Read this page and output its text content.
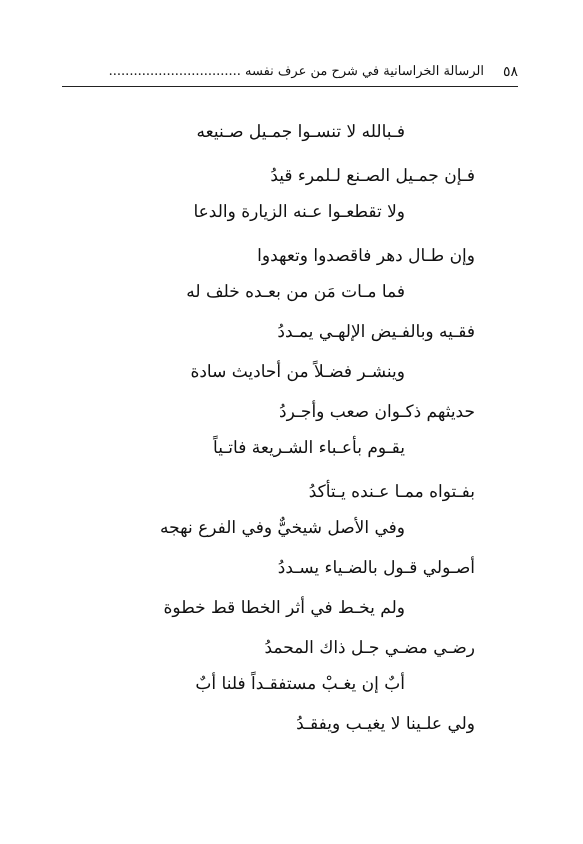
٥٨
الرسالة الخراسانية في شرح من عرف نفسه ................................
فـبالله لا تنسـوا جمـيل صـنيعه
فـإن جمـيل الصـنع لـلمرء قيدُ
ولا تقطعـوا عـنه الزيارة والدعا
وإن طـال دهر فاقصدوا وتعهدوا
فما مـات مَن من بعـده خلف له
فقـيه وبالفـيض الإلهـي يمـددُ
وينشـر فضـلاً من أحاديث سادة
حديثهم ذكـوان صعب وأجـردُ
يقـوم بأعـباء الشـريعة فاتـياً
بفـتواه ممـا عـنده يـتأكدُ
وفي الأصل شيخيٌّ وفي الفرع نهجه
أصـولي قـول بالضـياء يسـددُ
ولم يخـط في أثر الخطا قط خطوة
رضـي مضـي جـل ذاك المحمدُ
أبٌ إن يغـبْ مستفقـداً فلنا أبٌ
ولي علـينا لا يغيـب ويفقـدُ
